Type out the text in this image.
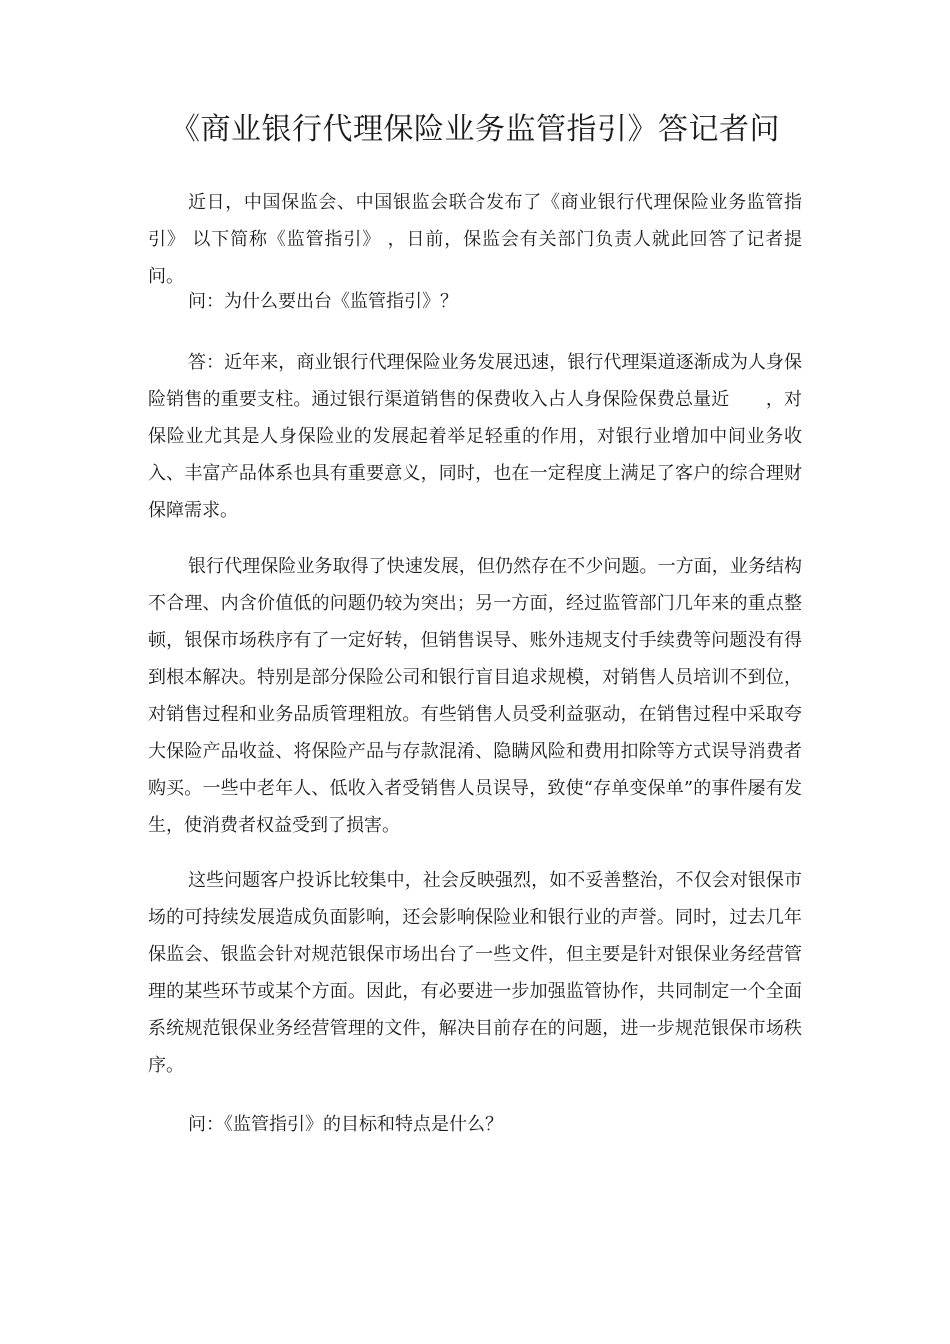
《商业银行代理保险业务监管指引》答记者问

近日，中国保监会、中国银监会联合发布了《商业银行代理保险业务监管指引》 以下简称《监管指引》 ，日前，保监会有关部门负责人就此回答了记者提问。

问：为什么要出台《监管指引》？

答：近年来，商业银行代理保险业务发展迅速，银行代理渠道逐渐成为人身保险销售的重要支柱。通过银行渠道销售的保费收入占人身保险保费总量近　　，对保险业尤其是人身保险业的发展起着举足轻重的作用，对银行业增加中间业务收入、丰富产品体系也具有重要意义，同时，也在一定程度上满足了客户的综合理财保障需求。

银行代理保险业务取得了快速发展，但仍然存在不少问题。一方面，业务结构不合理、内含价值低的问题仍较为突出；另一方面，经过监管部门几年来的重点整顿，银保市场秩序有了一定好转，但销售误导、账外违规支付手续费等问题没有得到根本解决。特别是部分保险公司和银行盲目追求规模，对销售人员培训不到位，对销售过程和业务品质管理粗放。有些销售人员受利益驱动，在销售过程中采取夸大保险产品收益、将保险产品与存款混淆、隐瞒风险和费用扣除等方式误导消费者购买。一些中老年人、低收入者受销售人员误导，致使“存单变保单”的事件屡有发生，使消费者权益受到了损害。

这些问题客户投诉比较集中，社会反映强烈，如不妥善整治，不仅会对银保市场的可持续发展造成负面影响，还会影响保险业和银行业的声誉。同时，过去几年保监会、银监会针对规范银保市场出台了一些文件，但主要是针对银保业务经营管理的某些环节或某个方面。因此，有必要进一步加强监管协作，共同制定一个全面系统规范银保业务经营管理的文件，解决目前存在的问题，进一步规范银保市场秩序。

问：《监管指引》的目标和特点是什么？
